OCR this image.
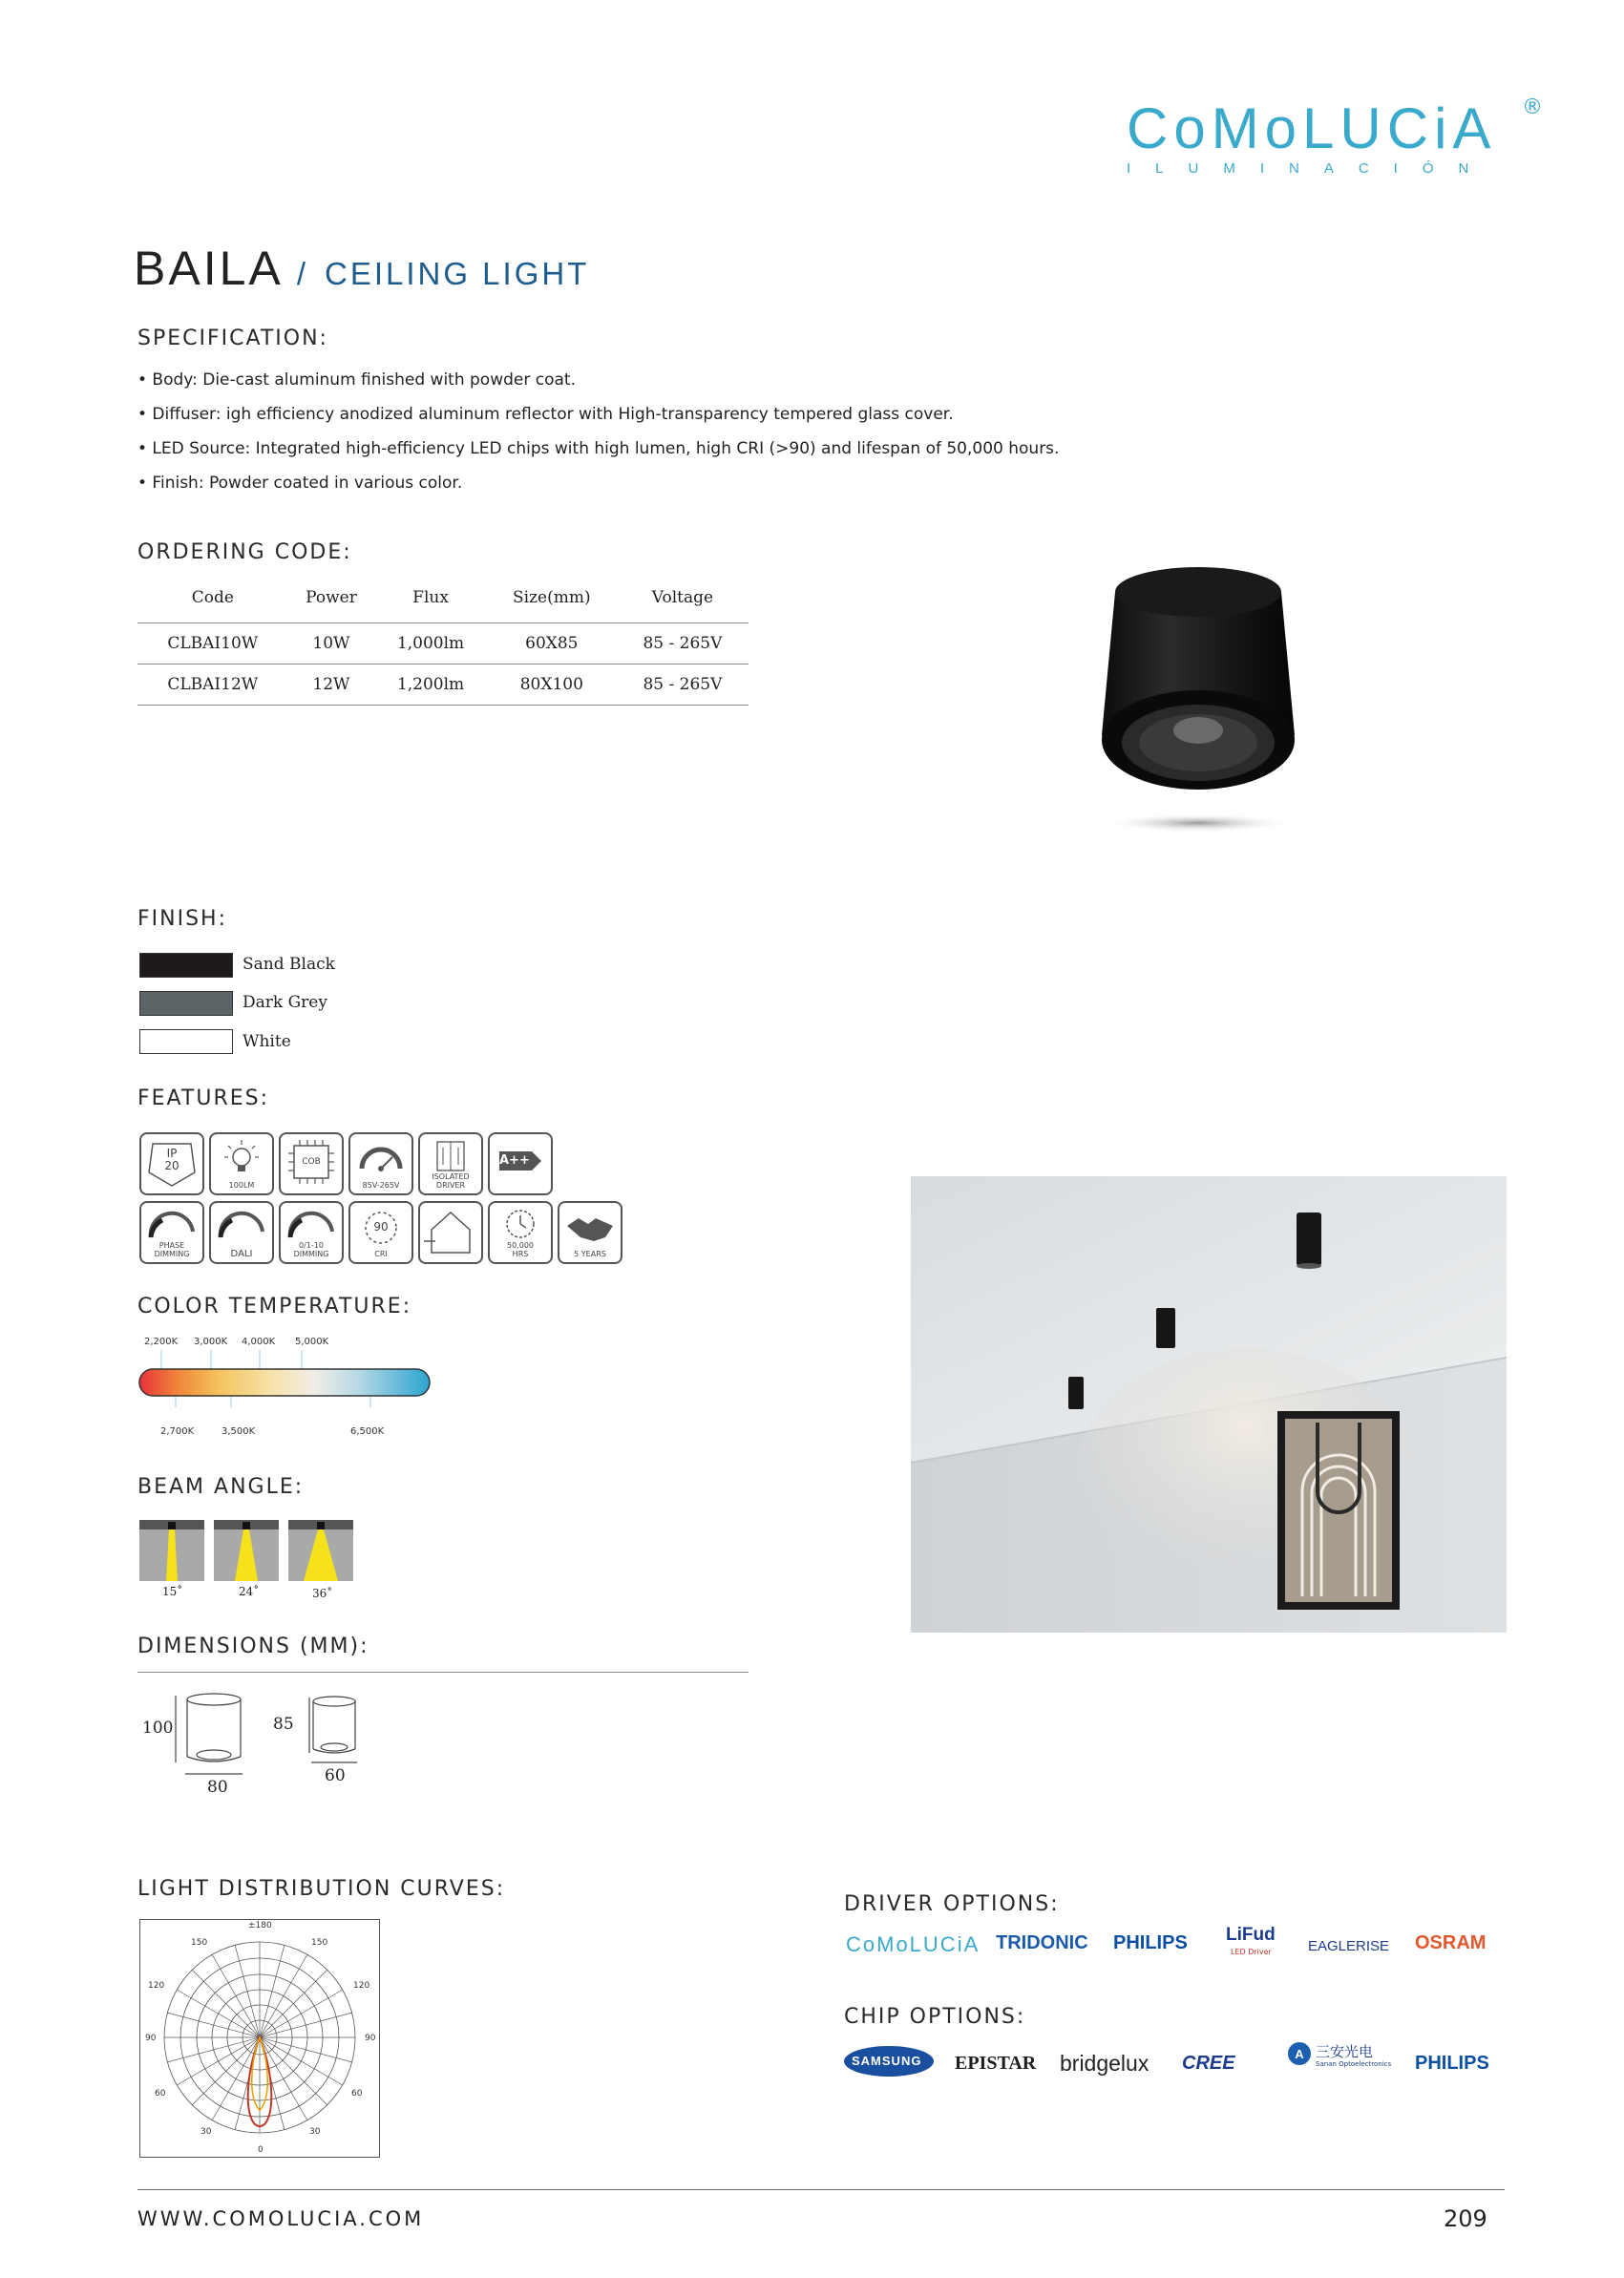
CoMoLUCiA ®
ILUMINACIÓN
BAILA / CEILING LIGHT
SPECIFICATION:
• Body: Die-cast aluminum finished with powder coat.
• Diffuser: igh efficiency anodized aluminum reflector with High-transparency tempered glass cover.
• LED Source: Integrated high-efficiency LED chips with high lumen, high CRI (>90) and lifespan of 50,000 hours.
• Finish: Powder coated in various color.
ORDERING CODE:
Code	Power	Flux	Size(mm)	Voltage
CLBAI10W	10W	1,000lm	60X85	85 - 265V
CLBAI12W	12W	1,200lm	80X100	85 - 265V
FINISH:
Sand Black
Dark Grey
White
FEATURES:
IP
20
100LM
COB
85V-265V
ISOLATED
DRIVER
A++
PHASE
DIMMING	DALI
0/1-10
DIMMING
90
CRI
50,000
HRS	5 YEARS
COLOR TEMPERATURE:
2,200K 3,000K 4,000K 5,000K
2,700K	3,500K	6,500K
BEAM ANGLE:
15˚	24˚	36˚
DIMENSIONS (MM):
100
80
85
60
LIGHT DISTRIBUTION CURVES:
±180
150	150
120	120
90	90
60	60
30	30
0
DRIVER OPTIONS:
CoMoLUCiA TRIDONIC PHILIPS LiFud
LED Driver	EAGLERISE OSRAM
CHIP OPTIONS:
SAMSUNG EPISTAR bridgelux CREE	A 三安光电
Sanan Optoelectronics PHILIPS
WWW.COMOLUCIA.COM	209
